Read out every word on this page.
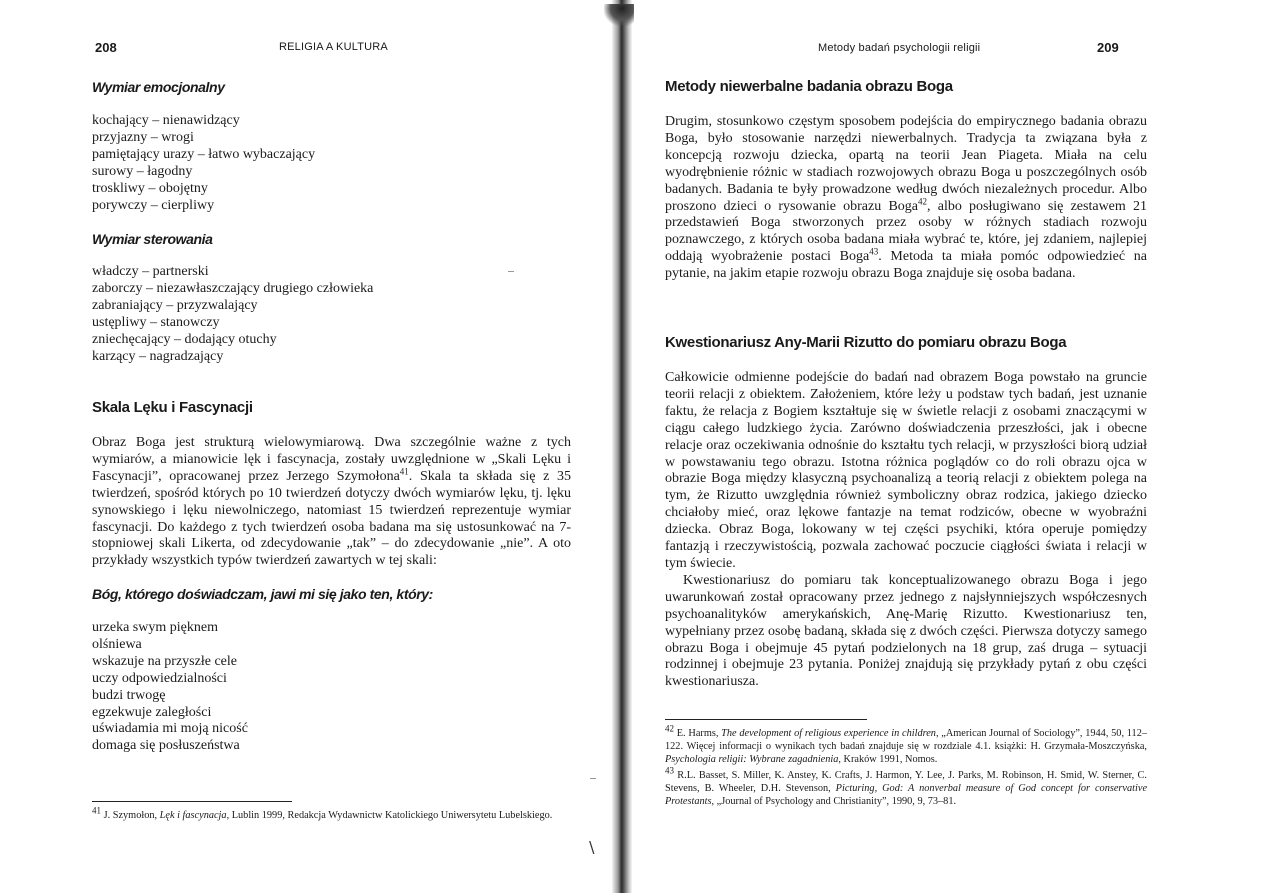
208	RELIGIA A KULTURA
Wymiar emocjonalny
kochający – nienawidzący
przyjazny – wrogi
pamiętający urazy – łatwo wybaczający
surowy – łagodny
troskliwy – obojętny
porywczy – cierpliwy
Wymiar sterowania
władczy – partnerski
zaborczy – niezawłaszczający drugiego człowieka
zabraniający – przyzwalający
ustępliwy – stanowczy
zniechęcający – dodający otuchy
karzący – nagradzający
Skala Lęku i Fascynacji

Obraz Boga jest strukturą wielowymiarową. Dwa szczególnie ważne z tych wymiarów, a mianowicie lęk i fascynacja, zostały uwzględnione w „Skali Lęku i Fascynacji”, opracowanej przez Jerzego Szymołona$^{41}$. Skala ta składa się z 35 twierdzeń, spośród których po 10 twierdzeń dotyczy dwóch wymiarów lęku, tj. lęku synowskiego i lęku niewolniczego, natomiast 15 twierdzeń reprezentuje wymiar fascynacji. Do każdego z tych twierdzeń osoba badana ma się ustosunkować na 7-stopniowej skali Likerta, od zdecydowanie „tak” – do zdecydowanie „nie”. A oto przykłady wszystkich typów twierdzeń zawartych w tej skali:

Bóg, którego doświadczam, jawi mi się jako ten, który:
urzeka swym pięknem
olśniewa
wskazuje na przyszłe cele
uczy odpowiedzialności
budzi trwogę
egzekwuje zaległości
uświadamia mi moją nicość
domaga się posłuszeństwa

$^{41}$ J. Szymołon, Lęk i fascynacja, Lublin 1999, Redakcja Wydawnictw Katolickiego Uniwersytetu Lubelskiego.

∖
Metody badań psychologii religii	209
Metody niewerbalne badania obrazu Boga

Drugim, stosunkowo częstym sposobem podejścia do empirycznego badania obrazu Boga, było stosowanie narzędzi niewerbalnych. Tradycja ta związana była z koncepcją rozwoju dziecka, opartą na teorii Jean Piageta. Miała na celu wyodrębnienie różnic w stadiach rozwojowych obrazu Boga u poszczególnych osób badanych. Badania te były prowadzone według dwóch niezależnych procedur. Albo proszono dzieci o rysowanie obrazu Boga$^{42}$, albo posługiwano się zestawem 21 przedstawień Boga stworzonych przez osoby w różnych stadiach rozwoju poznawczego, z których osoba badana miała wybrać te, które, jej zdaniem, najlepiej oddają wyobrażenie postaci Boga$^{43}$. Metoda ta miała pomóc odpowiedzieć na pytanie, na jakim etapie rozwoju obrazu Boga znajduje się osoba badana.

Kwestionariusz Any-Marii Rizutto do pomiaru obrazu Boga

Całkowicie odmienne podejście do badań nad obrazem Boga powstało na gruncie teorii relacji z obiektem. Założeniem, które leży u podstaw tych badań, jest uznanie faktu, że relacja z Bogiem kształtuje się w świetle relacji z osobami znaczącymi w ciągu całego ludzkiego życia. Zarówno doświadczenia przeszłości, jak i obecne relacje oraz oczekiwania odnośnie do kształtu tych relacji, w przyszłości biorą udział w powstawaniu tego obrazu. Istotna różnica poglądów co do roli obrazu ojca w obrazie Boga między klasyczną psychoanalizą a teorią relacji z obiektem polega na tym, że Rizutto uwzględnia również symboliczny obraz rodzica, jakiego dziecko chciałoby mieć, oraz lękowe fantazje na temat rodziców, obecne w wyobraźni dziecka. Obraz Boga, lokowany w tej części psychiki, która operuje pomiędzy fantazją i rzeczywistością, pozwala zachować poczucie ciągłości świata i relacji w tym świecie.

Kwestionariusz do pomiaru tak konceptualizowanego obrazu Boga i jego uwarunkowań został opracowany przez jednego z najsłynniejszych współczesnych psychoanalityków amerykańskich, Anę-Marię Rizutto. Kwestionariusz ten, wypełniany przez osobę badaną, składa się z dwóch części. Pierwsza dotyczy samego obrazu Boga i obejmuje 45 pytań podzielonych na 18 grup, zaś druga – sytuacji rodzinnej i obejmuje 23 pytania. Poniżej znajdują się przykłady pytań z obu części kwestionariusza.

$^{42}$ E. Harms, The development of religious experience in children, „American Journal of Sociology”, 1944, 50, 112–122. Więcej informacji o wynikach tych badań znajduje się w rozdziale 4.1. książki: H. Grzymała-Moszczyńska, Psychologia religii: Wybrane zagadnienia, Kraków 1991, Nomos.

$^{43}$ R.L. Basset, S. Miller, K. Anstey, K. Crafts, J. Harmon, Y. Lee, J. Parks, M. Robinson, H. Smid, W. Sterner, C. Stevens, B. Wheeler, D.H. Stevenson, Picturing, God: A nonverbal measure of God concept for conservative Protestants, „Journal of Psychology and Christianity”, 1990, 9, 73–81.
